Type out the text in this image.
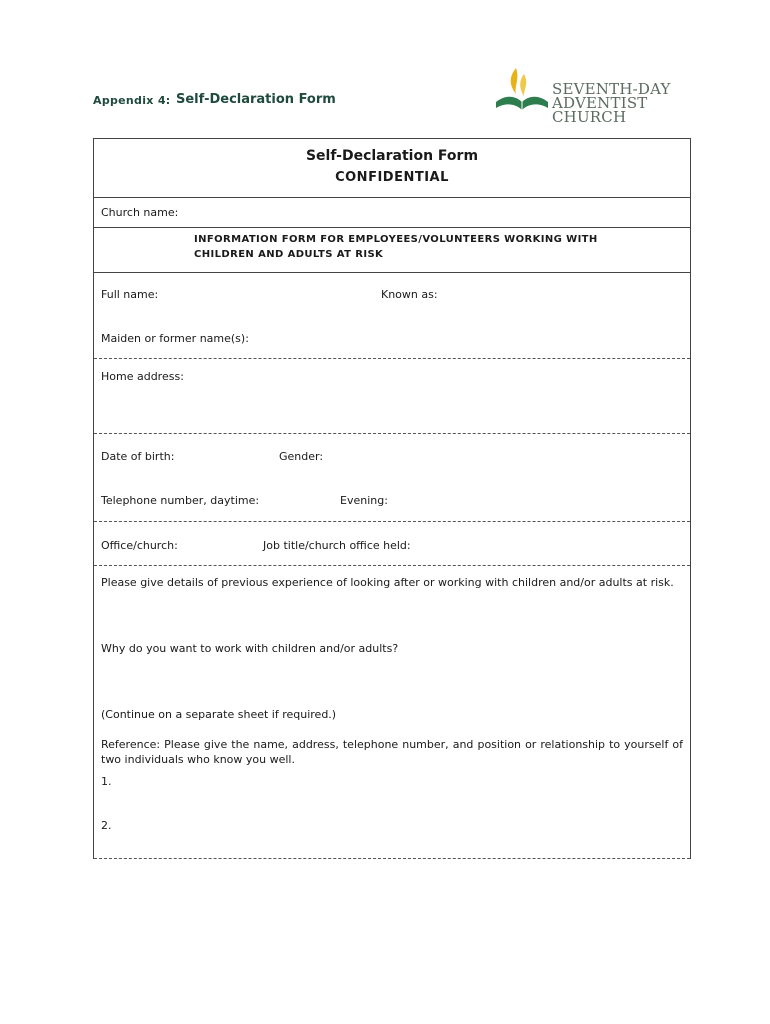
Appendix 4: Self-Declaration Form
SEVENTH-DAY
ADVENTIST CHURCH
Self-Declaration Form
CONFIDENTIAL
Church name:
INFORMATION FORM FOR EMPLOYEES/VOLUNTEERS WORKING WITH CHILDREN AND ADULTS AT RISK
Full name:	Known as:
Maiden or former name(s):
Home address:
Date of birth:	Gender:
Telephone number, daytime:	Evening:
Office/church:	Job title/church office held:
Please give details of previous experience of looking after or working with children and/or adults at risk.
Why do you want to work with children and/or adults?
(Continue on a separate sheet if required.)
Reference: Please give the name, address, telephone number, and position or relationship to yourself of two individuals who know you well.
1.
2.
